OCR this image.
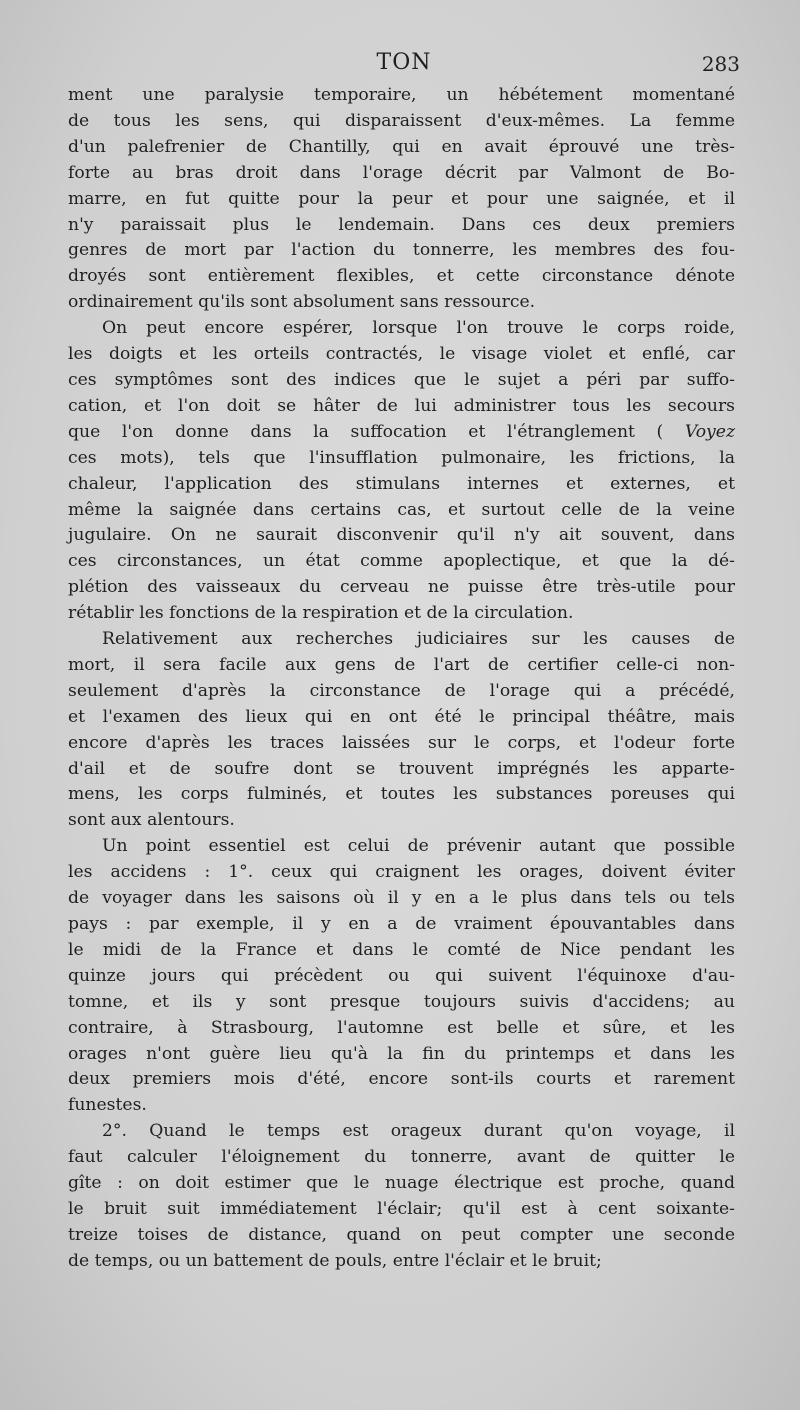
TON	283

ment une paralysie temporaire, un hébétement momentané
de tous les sens, qui disparaissent d'eux-mêmes. La femme
d'un palefrenier de Chantilly, qui en avait éprouvé une très-
forte au bras droit dans l'orage décrit par Valmont de Bo-
marre, en fut quitte pour la peur et pour une saignée, et il
n'y paraissait plus le lendemain. Dans ces deux premiers
genres de mort par l'action du tonnerre, les membres des fou-
droyés sont entièrement flexibles, et cette circonstance dénote
ordinairement qu'ils sont absolument sans ressource.

On peut encore espérer, lorsque l'on trouve le corps roide,
les doigts et les orteils contractés, le visage violet et enflé, car
ces symptômes sont des indices que le sujet a péri par suffo-
cation, et l'on doit se hâter de lui administrer tous les secours
que l'on donne dans la suffocation et l'étranglement ( Voyez
ces mots), tels que l'insufflation pulmonaire, les frictions, la
chaleur, l'application des stimulans internes et externes, et
même la saignée dans certains cas, et surtout celle de la veine
jugulaire. On ne saurait disconvenir qu'il n'y ait souvent, dans
ces circonstances, un état comme apoplectique, et que la dé-
plétion des vaisseaux du cerveau ne puisse être très-utile pour
rétablir les fonctions de la respiration et de la circulation.

Relativement aux recherches judiciaires sur les causes de
mort, il sera facile aux gens de l'art de certifier celle-ci non-
seulement d'après la circonstance de l'orage qui a précédé,
et l'examen des lieux qui en ont été le principal théâtre, mais
encore d'après les traces laissées sur le corps, et l'odeur forte
d'ail et de soufre dont se trouvent imprégnés les apparte-
mens, les corps fulminés, et toutes les substances poreuses qui
sont aux alentours.

Un point essentiel est celui de prévenir autant que possible
les accidens : 1°. ceux qui craignent les orages, doivent éviter
de voyager dans les saisons où il y en a le plus dans tels ou tels
pays : par exemple, il y en a de vraiment épouvantables dans
le midi de la France et dans le comté de Nice pendant les
quinze jours qui précèdent ou qui suivent l'équinoxe d'au-
tomne, et ils y sont presque toujours suivis d'accidens; au
contraire, à Strasbourg, l'automne est belle et sûre, et les
orages n'ont guère lieu qu'à la fin du printemps et dans les
deux premiers mois d'été, encore sont-ils courts et rarement
funestes.

2°. Quand le temps est orageux durant qu'on voyage, il
faut calculer l'éloignement du tonnerre, avant de quitter le
gîte : on doit estimer que le nuage électrique est proche, quand
le bruit suit immédiatement l'éclair; qu'il est à cent soixante-
treize toises de distance, quand on peut compter une seconde
de temps, ou un battement de pouls, entre l'éclair et le bruit;
